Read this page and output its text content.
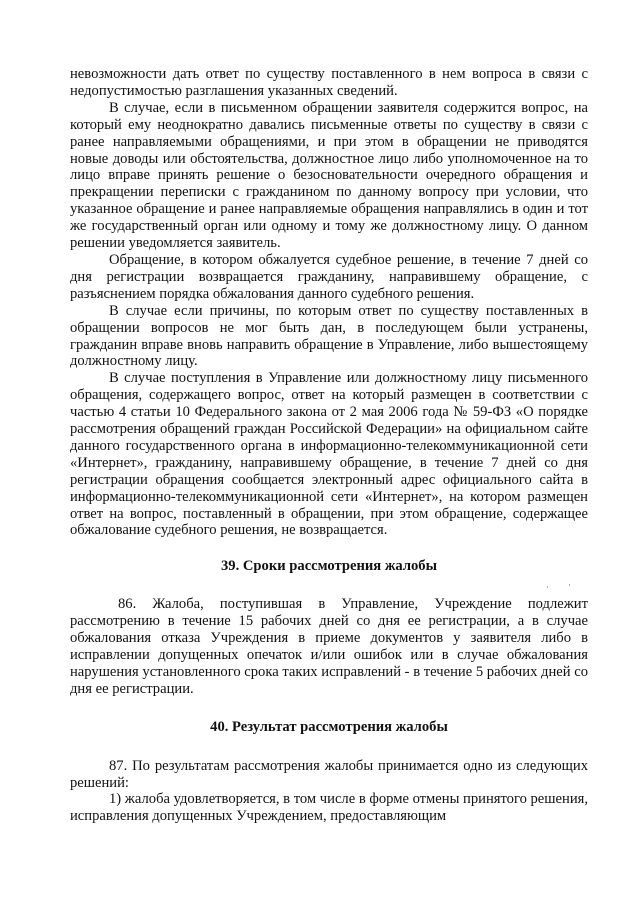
невозможности дать ответ по существу поставленного в нем вопроса в связи с недопустимостью разглашения указанных сведений.

В случае, если в письменном обращении заявителя содержится вопрос, на который ему неоднократно давались письменные ответы по существу в связи с ранее направляемыми обращениями, и при этом в обращении не приводятся новые доводы или обстоятельства, должностное лицо либо уполномоченное на то лицо вправе принять решение о безосновательности очередного обращения и прекращении переписки с гражданином по данному вопросу при условии, что указанное обращение и ранее направляемые обращения направлялись в один и тот же государственный орган или одному и тому же должностному лицу. О данном решении уведомляется заявитель.

Обращение, в котором обжалуется судебное решение, в течение 7 дней со дня регистрации возвращается гражданину, направившему обращение, с разъяснением порядка обжалования данного судебного решения.

В случае если причины, по которым ответ по существу поставленных в обращении вопросов не мог быть дан, в последующем были устранены, гражданин вправе вновь направить обращение в Управление, либо вышестоящему должностному лицу.

В случае поступления в Управление или должностному лицу письменного обращения, содержащего вопрос, ответ на который размещен в соответствии с частью 4 статьи 10 Федерального закона от 2 мая 2006 года № 59-ФЗ «О порядке рассмотрения обращений граждан Российской Федерации» на официальном сайте данного государственного органа в информационно-телекоммуникационной сети «Интернет», гражданину, направившему обращение, в течение 7 дней со дня регистрации обращения сообщается электронный адрес официального сайта в информационно-телекоммуникационной сети «Интернет», на котором размещен ответ на вопрос, поставленный в обращении, при этом обращение, содержащее обжалование судебного решения, не возвращается.

39. Сроки рассмотрения жалобы

86. Жалоба, поступившая в Управление, Учреждение подлежит рассмотрению в течение 15 рабочих дней со дня ее регистрации, а в случае обжалования отказа Учреждения в приеме документов у заявителя либо в исправлении допущенных опечаток и/или ошибок или в случае обжалования нарушения установленного срока таких исправлений - в течение 5 рабочих дней со дня ее регистрации.

40. Результат рассмотрения жалобы

87. По результатам рассмотрения жалобы принимается одно из следующих решений:

1) жалоба удовлетворяется, в том числе в форме отмены принятого решения, исправления допущенных Учреждением, предоставляющим

· ·
